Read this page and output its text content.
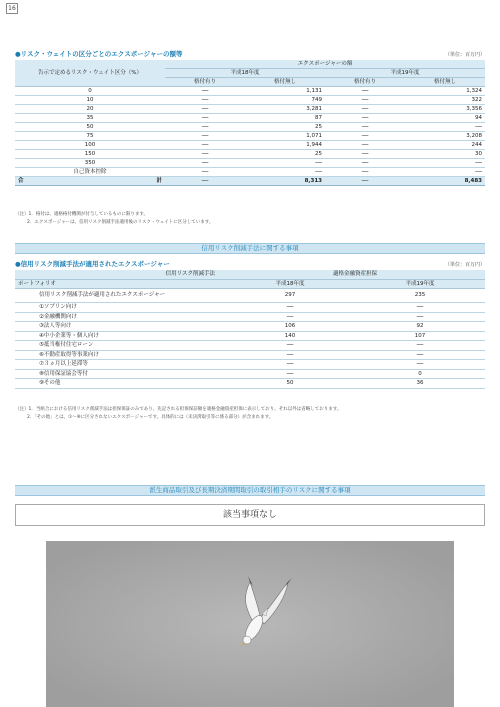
16
●リスク・ウェイトの区分ごとのエクスポージャーの額等	（単位：百万円）
告示で定めるリスク・ウェイト区分（%）	エクスポージャーの額			
	平成18年度		平成19年度	
	格付有り	格付無し	格付有り	格付無し
0	──	1,131	──	1,324
10	──	749	──	322
20	──	3,281	──	3,356
35	──	87	──	94
50	──	25	──	──
75	──	1,071	──	3,208
100	──	1,944	──	244
150	──	25	──	30
350	──	──	──	──
自己資本控除	──	──	──	──
合 計	──	8,313	──	8,483
（注）1．格付は、適格格付機関が付与しているものに限ります。
2．エクスポージャーは、信用リスク削減手法適用後のリスク・ウェイトに区分しています。
信用リスク削減手法に関する事項
●信用リスク削減手法が適用されたエクスポージャー	（単位：百万円）
信用リスク削減手法	適格金融資産担保	
ポートフォリオ	平成18年度	平成19年度
信用リスク削減手法が適用されたエクスポージャー	297	235
①ソブリン向け	──	──
②金融機関向け	──	──
③法人等向け	106	92
④中小企業等・個人向け	140	107
⑤抵当権付住宅ローン	──	──
⑥不動産取得等事業向け	──	──
⑦３ヵ月以上延滞等	──	──
⑧信用保証協会等付	──	0
⑨その他	50	36
（注）1．当組合における信用リスク削減手法は担保保証のみであり、先記される担保保証額を適格金融資産担保に表示しており、それ以外は省略しております。
2．「その他」とは、①～⑧に区分されないエクスポージャーです。具体的には（未決済取引等に係る部分）が含まれます。
派生商品取引及び長期決済期間取引の取引相手のリスクに関する事項
該当事項なし
